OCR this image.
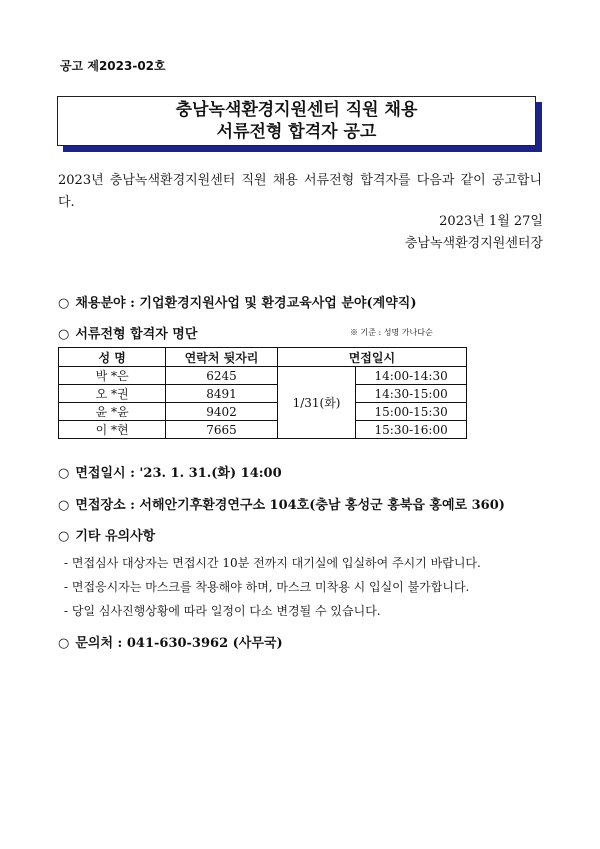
공고 제2023-02호
충남녹색환경지원센터 직원 채용
서류전형 합격자 공고
2023년 충남녹색환경지원센터 직원 채용 서류전형 합격자를 다음과 같이 공고합니다.
2023년 1월 27일
충남녹색환경지원센터장
○ 채용분야 : 기업환경지원사업 및 환경교육사업 분야(계약직)
○ 서류전형 합격자 명단	※ 기준 : 성명 가나다순
성 명	연락처 뒷자리	면접일시	
박 *은	6245	1/31(화)	14:00-14:30
오 *권	8491		14:30-15:00
윤 *윤	9402		15:00-15:30
이 *현	7665		15:30-16:00
○ 면접일시 : '23. 1. 31.(화) 14:00
○ 면접장소 : 서해안기후환경연구소 104호(충남 홍성군 홍북읍 홍예로 360)
○ 기타 유의사항
- 면접심사 대상자는 면접시간 10분 전까지 대기실에 입실하여 주시기 바랍니다.
- 면접응시자는 마스크를 착용해야 하며, 마스크 미착용 시 입실이 불가합니다.
- 당일 심사진행상황에 따라 일정이 다소 변경될 수 있습니다.
○ 문의처 : 041-630-3962 (사무국)
